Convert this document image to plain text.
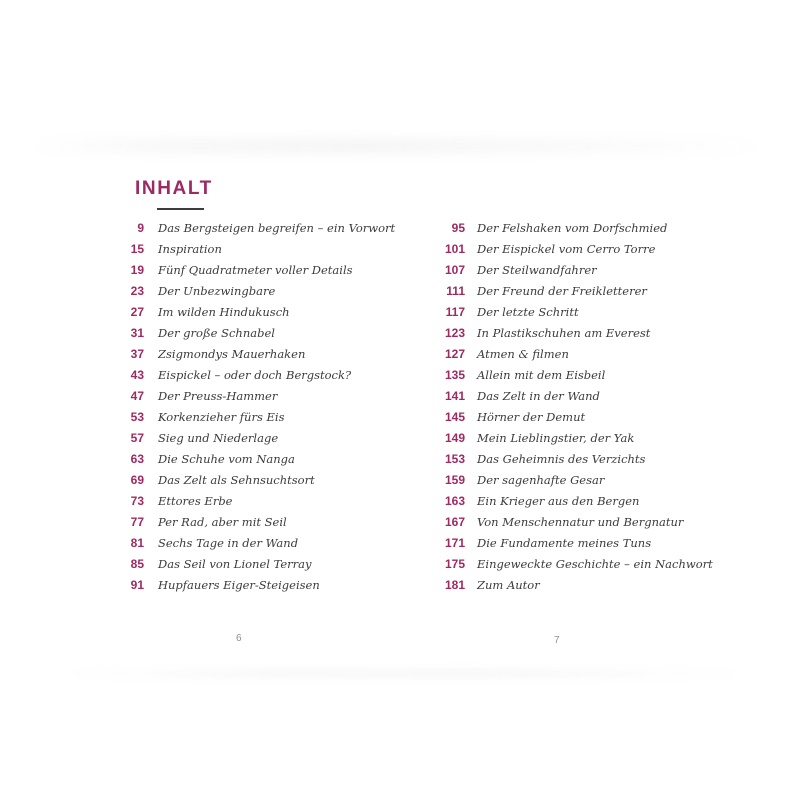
INHALT
9 Das Bergsteigen begreifen – ein Vorwort
15 Inspiration
19 Fünf Quadratmeter voller Details
23 Der Unbezwingbare
27 Im wilden Hindukusch
31 Der große Schnabel
37 Zsigmondys Mauerhaken
43 Eispickel – oder doch Bergstock?
47 Der Preuss-Hammer
53 Korkenzieher fürs Eis
57 Sieg und Niederlage
63 Die Schuhe vom Nanga
69 Das Zelt als Sehnsuchtsort
73 Ettores Erbe
77 Per Rad, aber mit Seil
81 Sechs Tage in der Wand
85 Das Seil von Lionel Terray
91 Hupfauers Eiger-Steigeisen
95 Der Felshaken vom Dorfschmied
101 Der Eispickel vom Cerro Torre
107 Der Steilwandfahrer
111 Der Freund der Freikletterer
117 Der letzte Schritt
123 In Plastikschuhen am Everest
127 Atmen & filmen
135 Allein mit dem Eisbeil
141 Das Zelt in der Wand
145 Hörner der Demut
149 Mein Lieblingstier, der Yak
153 Das Geheimnis des Verzichts
159 Der sagenhafte Gesar
163 Ein Krieger aus den Bergen
167 Von Menschennatur und Bergnatur
171 Die Fundamente meines Tuns
175 Eingeweckte Geschichte – ein Nachwort
181 Zum Autor
6	7
